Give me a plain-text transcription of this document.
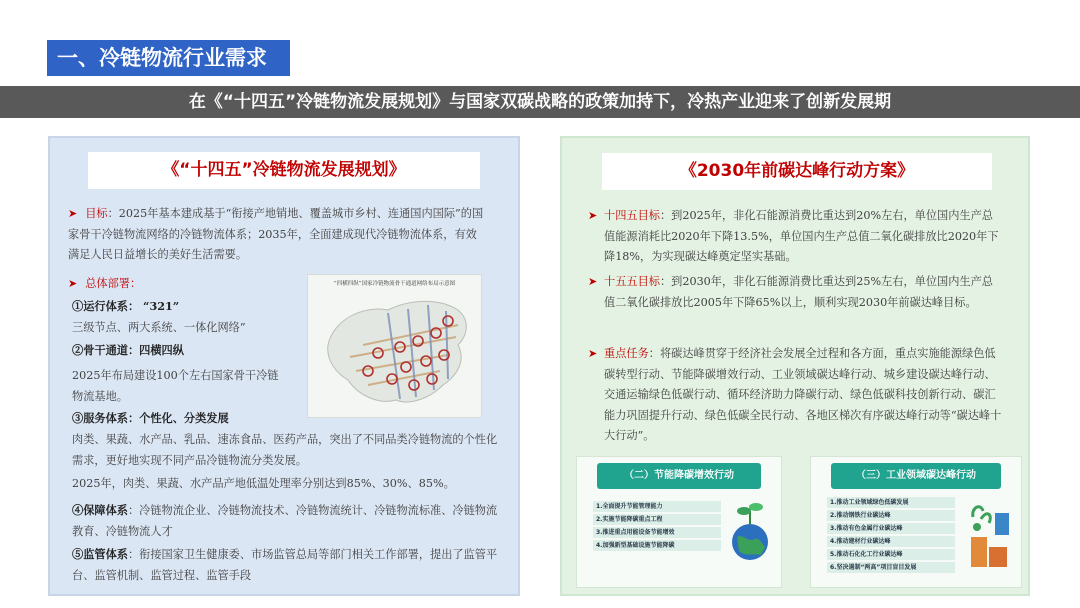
一、冷链物流行业需求
在《“十四五”冷链物流发展规划》与国家双碳战略的政策加持下，冷热产业迎来了创新发展期
《“十四五”冷链物流发展规划》
➤ 目标：2025年基本建成基于“衔接产地销地、覆盖城市乡村、连通国内国际”的国家骨干冷链物流网络的冷链物流体系；2035年，全面建成现代冷链物流体系，有效满足人民日益增长的美好生活需要。
➤ 总体部署：
①运行体系： “321”
三级节点、两大系统、一体化网络”
②骨干通道：四横四纵
2025年布局建设100个左右国家骨干冷链物流基地。
③服务体系：个性化、分类发展
肉类、果蔬、水产品、乳品、速冻食品、医药产品，突出了不同品类冷链物流的个性化需求，更好地实现不同产品冷链物流分类发展。
2025年，肉类、果蔬、水产品产地低温处理率分别达到85%、30%、85%。
④保障体系：冷链物流企业、冷链物流技术、冷链物流统计、冷链物流标准、冷链物流教育、冷链物流人才
⑤监管体系：衔接国家卫生健康委、市场监管总局等部门相关工作部署，提出了监管平台、监管机制、监管过程、监管手段
“四横四纵”国家冷链物流骨干通道网络布局示意图
《2030年前碳达峰行动方案》
➤ 十四五目标：到2025年，非化石能源消费比重达到20%左右，单位国内生产总值能源消耗比2020年下降13.5%，单位国内生产总值二氧化碳排放比2020年下降18%，为实现碳达峰奠定坚实基础。
➤ 十五五目标：到2030年，非化石能源消费比重达到25%左右，单位国内生产总值二氧化碳排放比2005年下降65%以上，顺利实现2030年前碳达峰目标。
➤ 重点任务：将碳达峰贯穿于经济社会发展全过程和各方面，重点实施能源绿色低碳转型行动、节能降碳增效行动、工业领域碳达峰行动、城乡建设碳达峰行动、交通运输绿色低碳行动、循环经济助力降碳行动、绿色低碳科技创新行动、碳汇能力巩固提升行动、绿色低碳全民行动、各地区梯次有序碳达峰行动等“碳达峰十大行动”。
（二）节能降碳增效行动
1.全面提升节能管理能力
2.实施节能降碳重点工程
3.推进重点用能设备节能增效
4.加强新型基础设施节能降碳
（三）工业领域碳达峰行动
1.推动工业领域绿色低碳发展
2.推动钢铁行业碳达峰
3.推动有色金属行业碳达峰
4.推动建材行业碳达峰
5.推动石化化工行业碳达峰
6.坚决遏制“两高”项目盲目发展
